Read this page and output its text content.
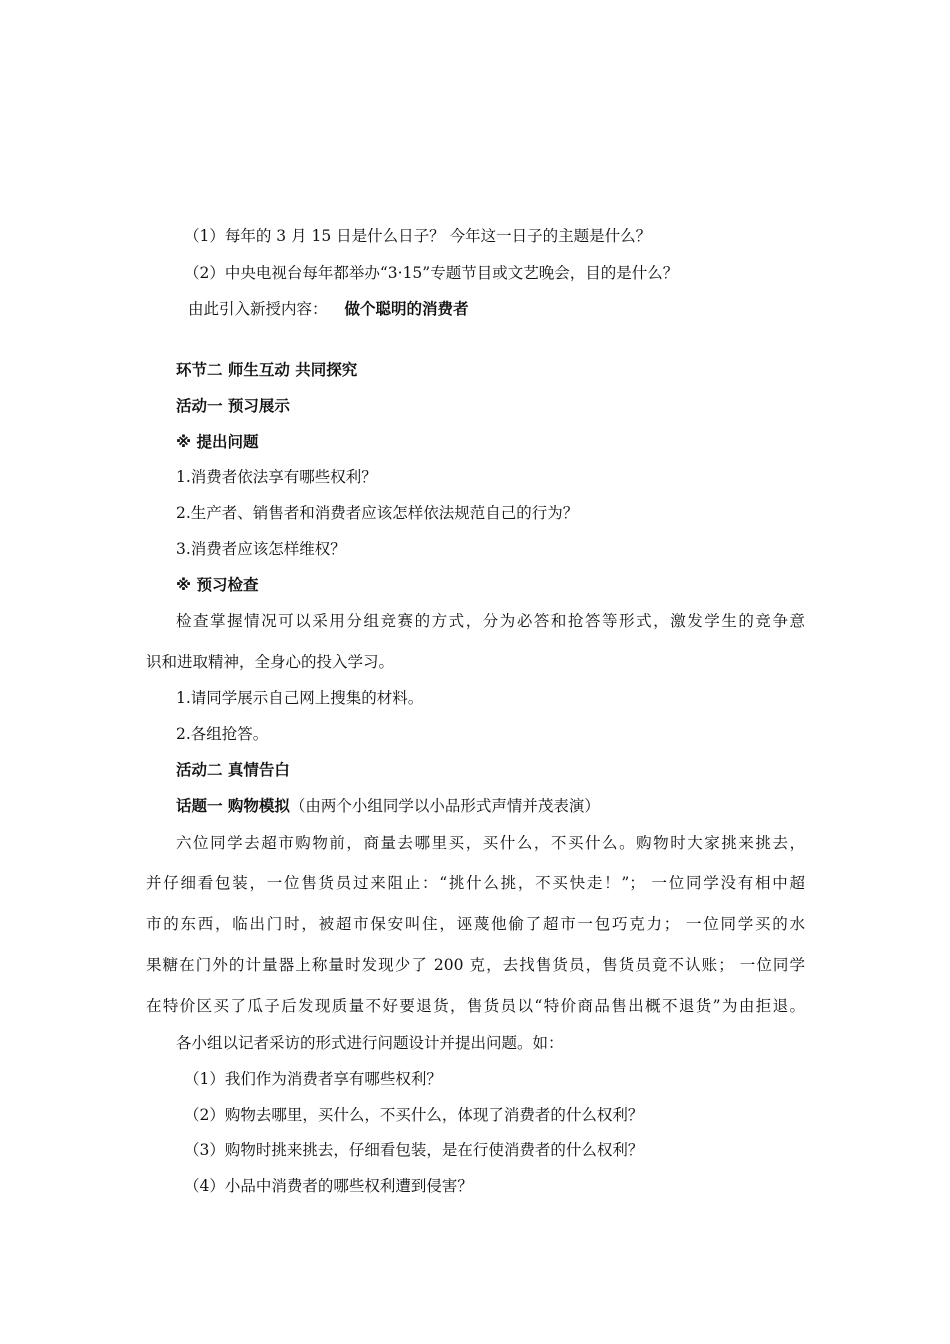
（1）每年的 3 月 15 日是什么日子？ 今年这一日子的主题是什么？
（2）中央电视台每年都举办“3·15”专题节目或文艺晚会，目的是什么？
由此引入新授内容： 做个聪明的消费者
环节二 师生互动 共同探究
活动一 预习展示
※ 提出问题
1.消费者依法享有哪些权利？
2.生产者、销售者和消费者应该怎样依法规范自己的行为？
3.消费者应该怎样维权？
※ 预习检查
检查掌握情况可以采用分组竞赛的方式，分为必答和抢答等形式，激发学生的竞争意
识和进取精神，全身心的投入学习。
1.请同学展示自己网上搜集的材料。
2.各组抢答。
活动二 真情告白
话题一 购物模拟（由两个小组同学以小品形式声情并茂表演）
六位同学去超市购物前，商量去哪里买，买什么，不买什么。购物时大家挑来挑去，
并仔细看包装，一位售货员过来阻止：“挑什么挑，不买快走！”； 一位同学没有相中超
市的东西，临出门时，被超市保安叫住，诬蔑他偷了超市一包巧克力； 一位同学买的水
果糖在门外的计量器上称量时发现少了 200 克，去找售货员，售货员竟不认账； 一位同学
在特价区买了瓜子后发现质量不好要退货，售货员以“特价商品售出概不退货”为由拒退。
各小组以记者采访的形式进行问题设计并提出问题。如：
（1）我们作为消费者享有哪些权利？
（2）购物去哪里，买什么，不买什么，体现了消费者的什么权利？
（3）购物时挑来挑去，仔细看包装，是在行使消费者的什么权利？
（4）小品中消费者的哪些权利遭到侵害？
